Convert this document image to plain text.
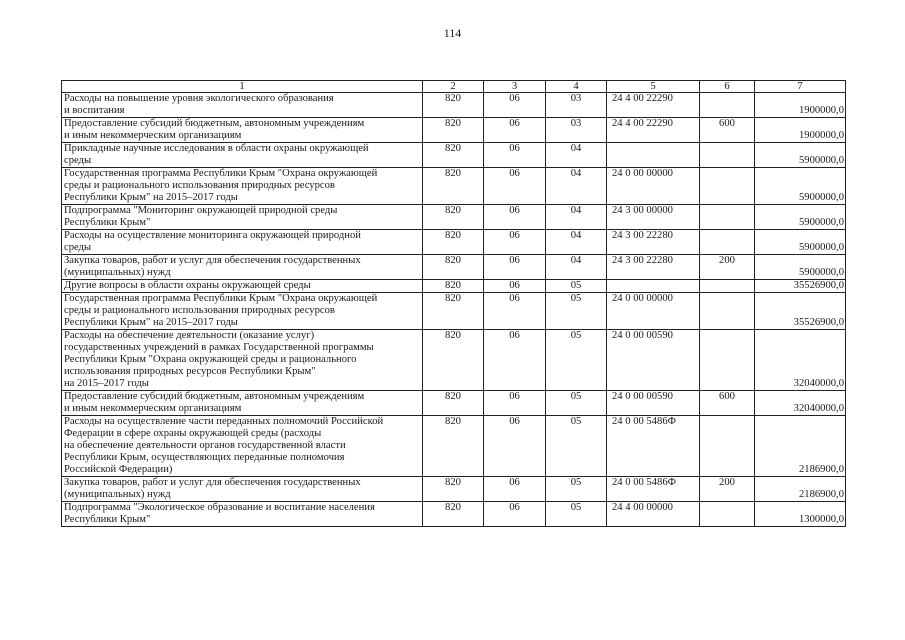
114
1	2	3	4	5	6	7
Расходы на повышение уровня экологического образования
и воспитания	820	06	03	24 4 00 22290		1900000,0
Предоставление субсидий бюджетным, автономным учреждениям
и иным некоммерческим организациям	820	06	03	24 4 00 22290	600	1900000,0
Прикладные научные исследования в области охраны окружающей
среды	820	06	04			5900000,0
Государственная программа Республики Крым "Охрана окружающей
среды и рационального использования природных ресурсов
Республики Крым" на 2015–2017 годы	820	06	04	24 0 00 00000		5900000,0
Подпрограмма "Мониторинг окружающей природной среды
Республики Крым"	820	06	04	24 3 00 00000		5900000,0
Расходы на осуществление мониторинга окружающей природной
среды	820	06	04	24 3 00 22280		5900000,0
Закупка товаров, работ и услуг для обеспечения государственных
(муниципальных) нужд	820	06	04	24 3 00 22280	200	5900000,0
Другие вопросы в области охраны окружающей среды	820	06	05			35526900,0
Государственная программа Республики Крым "Охрана окружающей
среды и рационального использования природных ресурсов
Республики Крым" на 2015–2017 годы	820	06	05	24 0 00 00000		35526900,0
Расходы на обеспечение деятельности (оказание услуг)
государственных учреждений в рамках Государственной программы
Республики Крым "Охрана окружающей среды и рационального
использования природных ресурсов Республики Крым"
на 2015–2017 годы	820	06	05	24 0 00 00590		32040000,0
Предоставление субсидий бюджетным, автономным учреждениям
и иным некоммерческим организациям	820	06	05	24 0 00 00590	600	32040000,0
Расходы на осуществление части переданных полномочий Российской
Федерации в сфере охраны окружающей среды (расходы
на обеспечение деятельности органов государственной власти
Республики Крым, осуществляющих переданные полномочия
Российской Федерации)	820	06	05	24 0 00 5486Ф		2186900,0
Закупка товаров, работ и услуг для обеспечения государственных
(муниципальных) нужд	820	06	05	24 0 00 5486Ф	200	2186900,0
Подпрограмма "Экологическое образование и воспитание населения
Республики Крым"	820	06	05	24 4 00 00000		1300000,0
